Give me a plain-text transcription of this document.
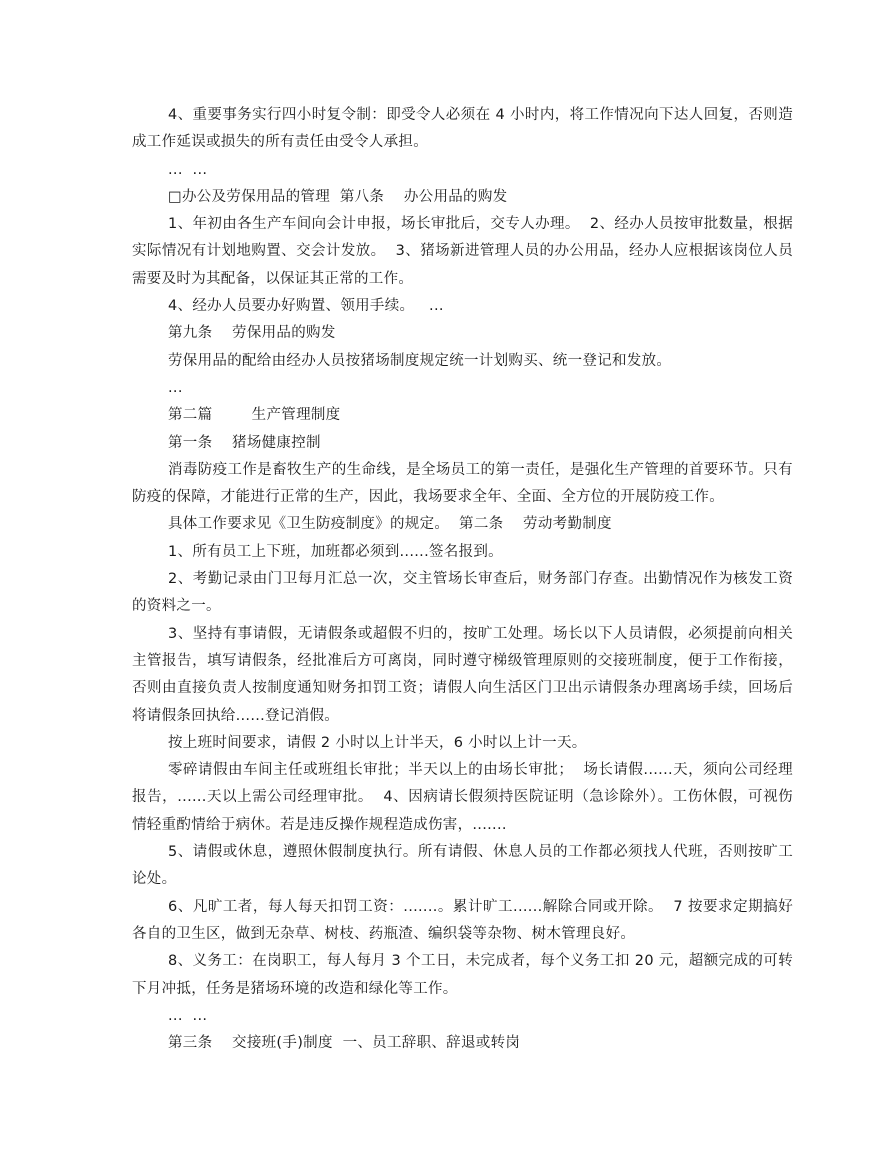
4、重要事务实行四小时复令制：即受令人必须在 4 小时内，将工作情况向下达人回复，否则造成工作延误或损失的所有责任由受令人承担。

...  ...

□办公及劳保用品的管理  第八条    办公用品的购发

1、年初由各生产车间向会计申报，场长审批后，交专人办理。  2、经办人员按审批数量，根据实际情况有计划地购置、交会计发放。  3、猪场新进管理人员的办公用品，经办人应根据该岗位人员需要及时为其配备，以保证其正常的工作。

4、经办人员要办好购置、领用手续。   ...

第九条    劳保用品的购发

劳保用品的配给由经办人员按猪场制度规定统一计划购买、统一登记和发放。

...

第二篇        生产管理制度

第一条    猪场健康控制

消毒防疫工作是畜牧生产的生命线，是全场员工的第一责任，是强化生产管理的首要环节。只有防疫的保障，才能进行正常的生产，因此，我场要求全年、全面、全方位的开展防疫工作。

具体工作要求见《卫生防疫制度》的规定。  第二条    劳动考勤制度

1、所有员工上下班，加班都必须到......签名报到。

2、考勤记录由门卫每月汇总一次，交主管场长审查后，财务部门存查。出勤情况作为核发工资的资料之一。

3、坚持有事请假，无请假条或超假不归的，按旷工处理。场长以下人员请假，必须提前向相关主管报告，填写请假条，经批准后方可离岗，同时遵守梯级管理原则的交接班制度，便于工作衔接，否则由直接负责人按制度通知财务扣罚工资；请假人向生活区门卫出示请假条办理离场手续，回场后将请假条回执给......登记消假。

按上班时间要求，请假 2 小时以上计半天，6 小时以上计一天。

零碎请假由车间主任或班组长审批；半天以上的由场长审批；  场长请假......天，须向公司经理报告，......天以上需公司经理审批。  4、因病请长假须持医院证明（急诊除外）。工伤休假，可视伤情轻重酌情给于病休。若是违反操作规程造成伤害，.......

5、请假或休息，遵照休假制度执行。所有请假、休息人员的工作都必须找人代班，否则按旷工论处。

6、凡旷工者，每人每天扣罚工资：.......。累计旷工......解除合同或开除。  7 按要求定期搞好各自的卫生区，做到无杂草、树枝、药瓶渣、编织袋等杂物、树木管理良好。

8、义务工：在岗职工，每人每月 3 个工日，未完成者，每个义务工扣 20 元，超额完成的可转下月冲抵，任务是猪场环境的改造和绿化等工作。

...  ...

第三条    交接班(手)制度  一、员工辞职、辞退或转岗
